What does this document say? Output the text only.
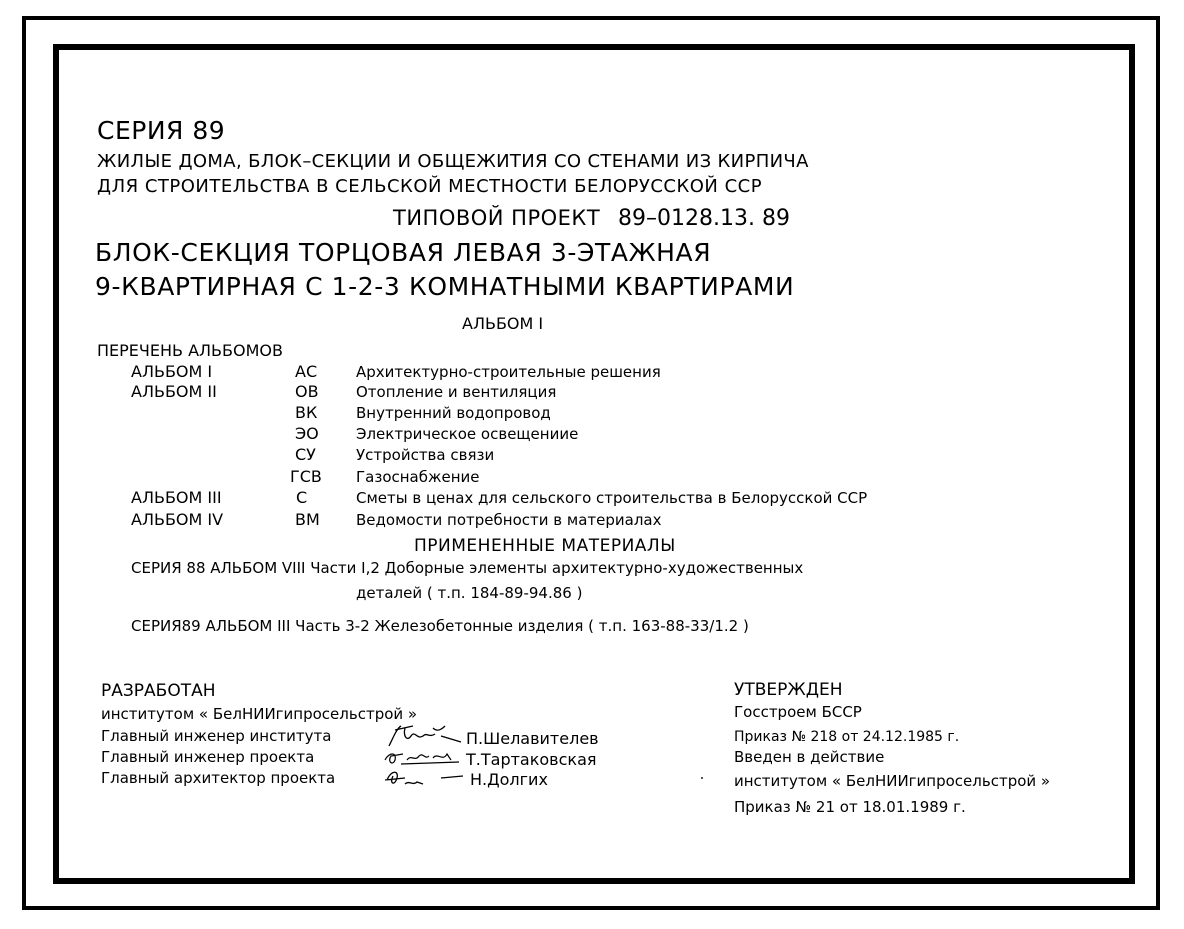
СЕРИЯ 89
ЖИЛЫЕ ДОМА, БЛОК–СЕКЦИИ И ОБЩЕЖИТИЯ СО СТЕНАМИ ИЗ КИРПИЧА
ДЛЯ СТРОИТЕЛЬСТВА В СЕЛЬСКОЙ МЕСТНОСТИ БЕЛОРУССКОЙ ССР
ТИПОВОЙ ПРОЕКТ 89–0128.13. 89
БЛОК-СЕКЦИЯ ТОРЦОВАЯ ЛЕВАЯ 3-ЭТАЖНАЯ
9-КВАРТИРНАЯ С 1-2-3 КОМНАТНЫМИ КВАРТИРАМИ
АЛЬБОМ I
ПЕРЕЧЕНЬ АЛЬБОМОВ
АЛЬБОМ I	АС	Архитектурно-строительные решения
АЛЬБОМ II	ОВ Отопление и вентиляция
ВК	Внутренний водопровод
ЭО Электрическое освещениие
СУ	Устройства связи
ГСВ Газоснабжение
АЛЬБОМ III	С	Сметы в ценах для сельского строительства в Белорусской ССР
АЛЬБОМ IV	ВМ Ведомости потребности в материалах
ПРИМЕНЕННЫЕ МАТЕРИАЛЫ
СЕРИЯ 88 АЛЬБОМ VIII Части I,2 Доборные элементы архитектурно-художественных
деталей ( т.п. 184-89-94.86 )
СЕРИЯ89 АЛЬБОМ III Часть 3-2 Железобетонные изделия ( т.п. 163-88-33/1.2 )
РАЗРАБОТАН
институтом « БелНИИгипросельстрой »
Главный инженер института	П.Шелавителев
Главный инженер проекта	Т.Тартаковская
Главный архитектор проекта	Н.Долгих
УТВЕРЖДЕН
Госстроем БССР
Приказ № 218 от 24.12.1985 г.
Введен в действие
институтом « БелНИИгипросельстрой »
Приказ № 21 от 18.01.1989 г.
